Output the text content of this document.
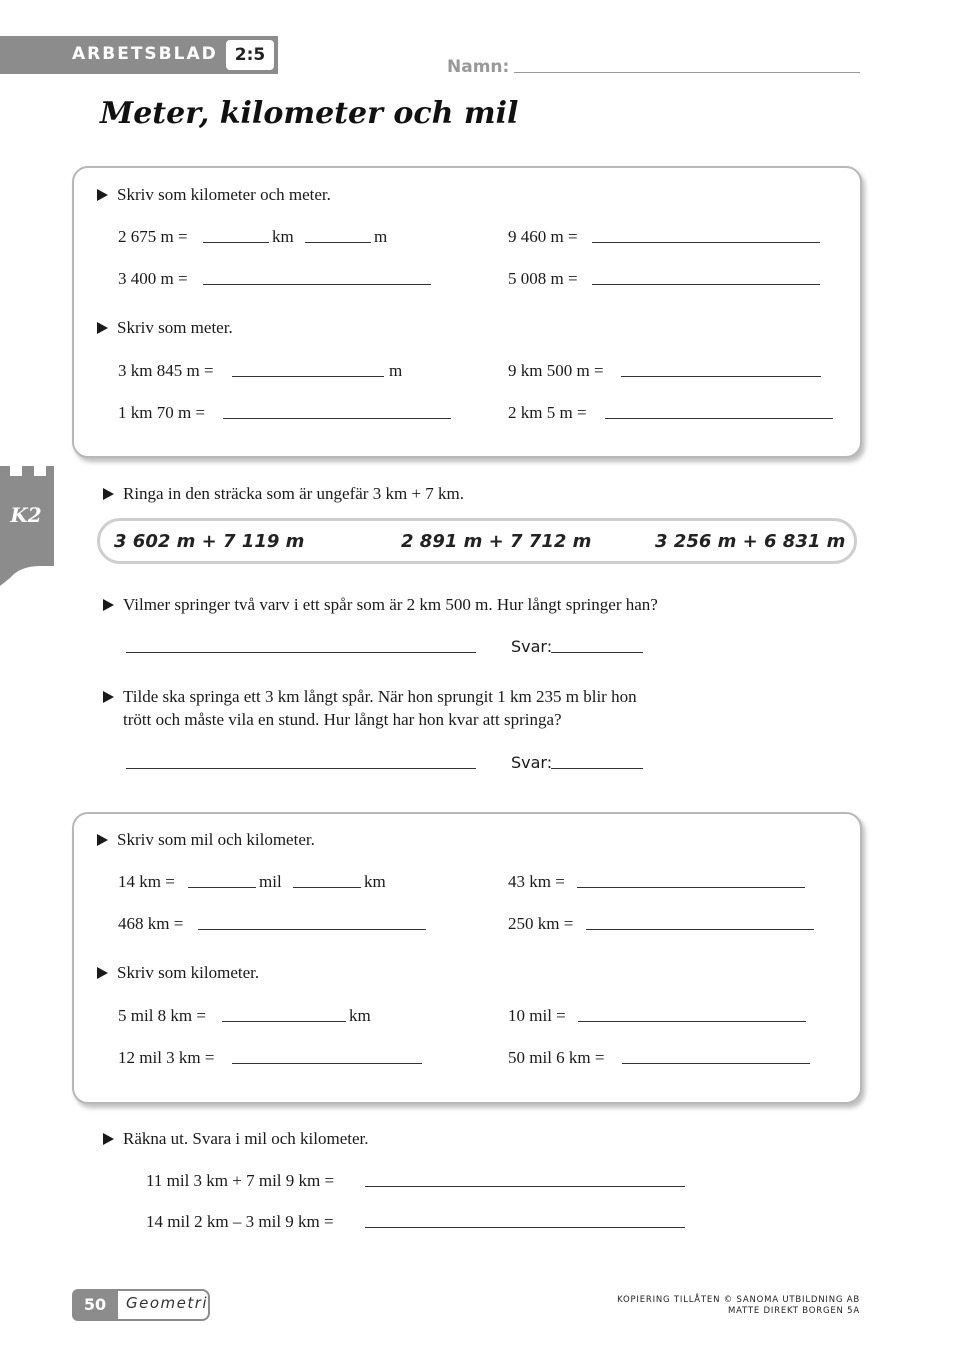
ARBETSBLAD	2:5
Namn:
Meter, kilometer och mil
K2
Skriv som kilometer och meter.
2 675 m =	km	m	9 460 m =
3 400 m =	5 008 m =
Skriv som meter.
3 km 845 m =	m	9 km 500 m =
1 km 70 m =	2 km 5 m =
Ringa in den sträcka som är ungefär 3 km + 7 km.
3 602 m + 7 119 m	2 891 m + 7 712 m	3 256 m + 6 831 m
Vilmer springer två varv i ett spår som är 2 km 500 m. Hur långt springer han?
Svar:
Tilde ska springa ett 3 km långt spår. När hon sprungit 1 km 235 m blir hon
trött och måste vila en stund. Hur långt har hon kvar att springa?
Svar:
Skriv som mil och kilometer.
14 km =	mil	km	43 km =
468 km =	250 km =
Skriv som kilometer.
5 mil 8 km =	km	10 mil =
12 mil 3 km =	50 mil 6 km =
Räkna ut. Svara i mil och kilometer.
11 mil 3 km + 7 mil 9 km =
14 mil 2 km – 3 mil 9 km =
50	Geometri	KOPIERING TILLÅTEN © SANOMA UTBILDNING AB
MATTE DIREKT BORGEN 5A
